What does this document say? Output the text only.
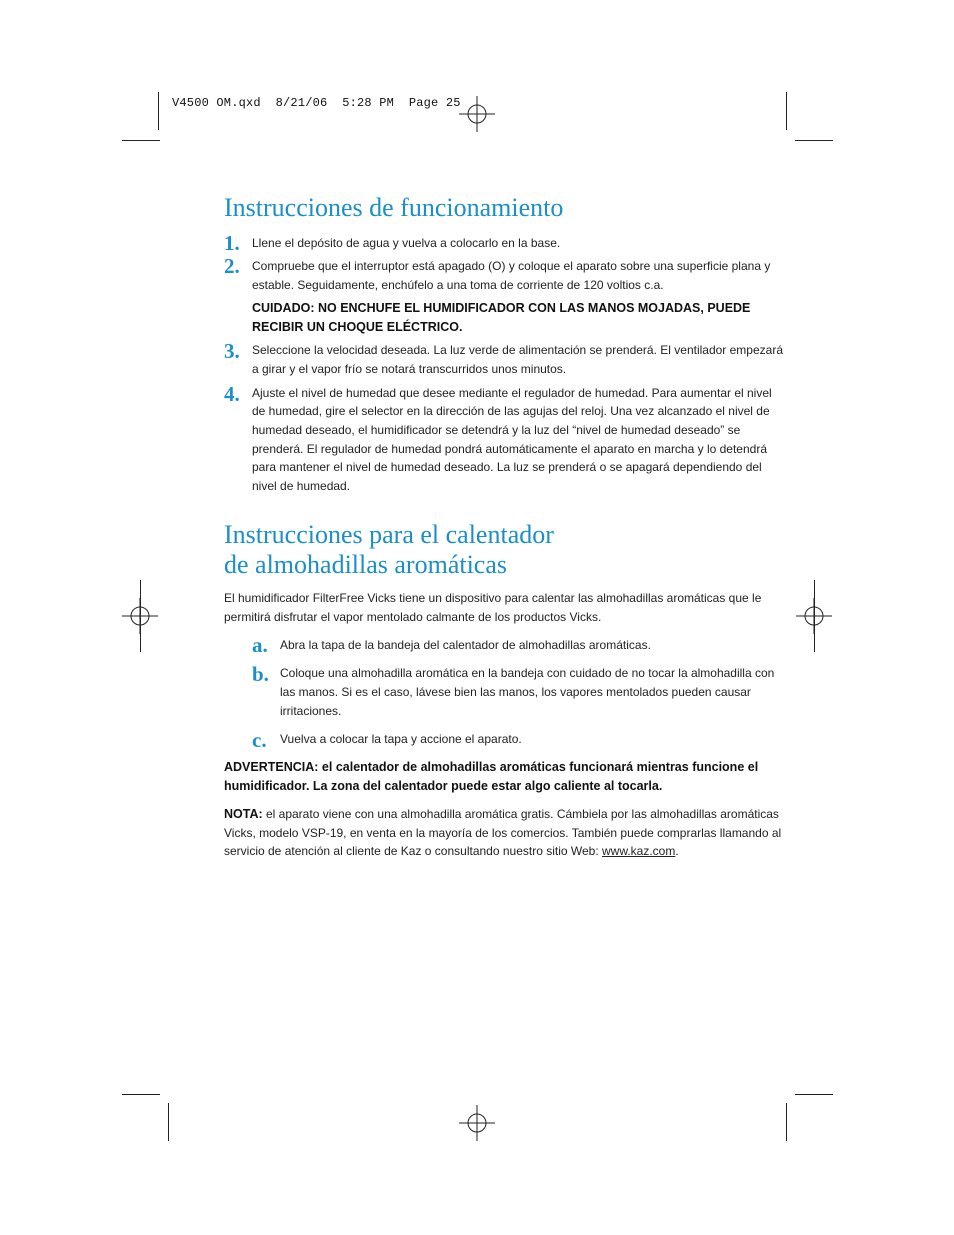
V4500 OM.qxd  8/21/06  5:28 PM  Page 25
Instrucciones de funcionamiento
1. Llene el depósito de agua y vuelva a colocarlo en la base.
2. Compruebe que el interruptor está apagado (O) y coloque el aparato sobre una superficie plana y
estable. Seguidamente, enchúfelo a una toma de corriente de 120 voltios c.a.
CUIDADO: NO ENCHUFE EL HUMIDIFICADOR CON LAS MANOS MOJADAS, PUEDE
RECIBIR UN CHOQUE ELÉCTRICO.
3. Seleccione la velocidad deseada. La luz verde de alimentación se prenderá. El ventilador empezará
a girar y el vapor frío se notará transcurridos unos minutos.
4. Ajuste el nivel de humedad que desee mediante el regulador de humedad. Para aumentar el nivel
de humedad, gire el selector en la dirección de las agujas del reloj. Una vez alcanzado el nivel de
humedad deseado, el humidificador se detendrá y la luz del “nivel de humedad deseado” se
prenderá. El regulador de humedad pondrá automáticamente el aparato en marcha y lo detendrá
para mantener el nivel de humedad deseado. La luz se prenderá o se apagará dependiendo del
nivel de humedad.
Instrucciones para el calentador
de almohadillas aromáticas
El humidificador FilterFree Vicks tiene un dispositivo para calentar las almohadillas aromáticas que le
permitirá disfrutar el vapor mentolado calmante de los productos Vicks.
a. Abra la tapa de la bandeja del calentador de almohadillas aromáticas.
b. Coloque una almohadilla aromática en la bandeja con cuidado de no tocar la almohadilla con
las manos. Si es el caso, lávese bien las manos, los vapores mentolados pueden causar
irritaciones.
c. Vuelva a colocar la tapa y accione el aparato.
ADVERTENCIA: el calentador de almohadillas aromáticas funcionará mientras funcione el
humidificador. La zona del calentador puede estar algo caliente al tocarla.
NOTA: el aparato viene con una almohadilla aromática gratis. Cámbiela por las almohadillas aromáticas
Vicks, modelo VSP-19, en venta en la mayoría de los comercios. También puede comprarlas llamando al
servicio de atención al cliente de Kaz o consultando nuestro sitio Web: www.kaz.com.
